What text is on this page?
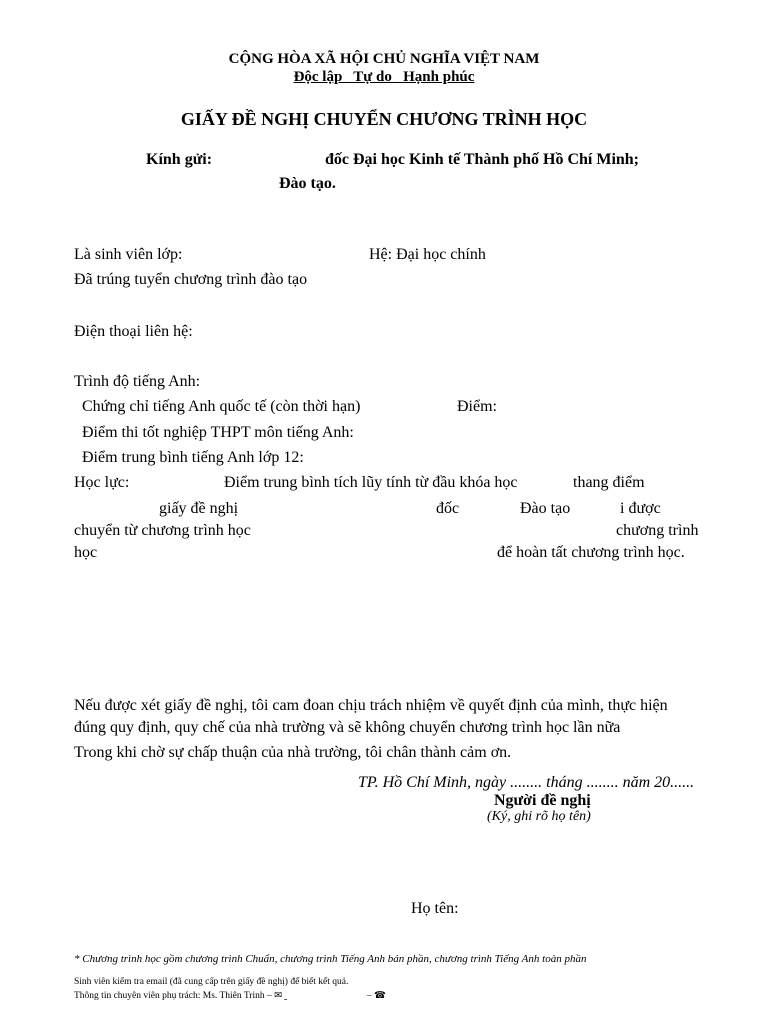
CỘNG HÒA XÃ HỘI CHỦ NGHĨA VIỆT NAM
Độc lập   Tự do   Hạnh phúc
GIẤY ĐỀ NGHỊ CHUYỂN CHƯƠNG TRÌNH HỌC
Kính gửi:	đốc Đại học Kinh tế Thành phố Hồ Chí Minh;
Đào tạo.
Là sinh viên lớp:	Hệ: Đại học chính
Đã trúng tuyển chương trình đào tạo
Điện thoại liên hệ:
Trình độ tiếng Anh:
Chứng chỉ tiếng Anh quốc tế (còn thời hạn)	Điểm:
Điểm thi tốt nghiệp THPT môn tiếng Anh:
Điểm trung bình tiếng Anh lớp 12:
Học lực:	Điểm trung bình tích lũy tính từ đầu khóa học	thang điểm
giấy đề nghị	đốc	Đào tạo	i được
chuyển từ chương trình học	chương trình
học	để hoàn tất chương trình học.
Nếu được xét giấy đề nghị, tôi cam đoan chịu trách nhiệm về quyết định của mình, thực hiện
đúng quy định, quy chế của nhà trường và sẽ không chuyển chương trình học lần nữa
Trong khi chờ sự chấp thuận của nhà trường, tôi chân thành cảm ơn.
TP. Hồ Chí Minh, ngày ........ tháng ........ năm 20......
Người đề nghị
(Ký, ghi rõ họ tên)
Họ tên:
* Chương trình học gồm chương trình Chuẩn, chương trình Tiếng Anh bán phần, chương trình Tiếng Anh toàn phần
Sinh viên kiểm tra email (đã cung cấp trên giấy đề nghị) để biết kết quả.
Thông tin chuyên viên phụ trách: Ms. Thiên Trinh – ✉	– ☎
